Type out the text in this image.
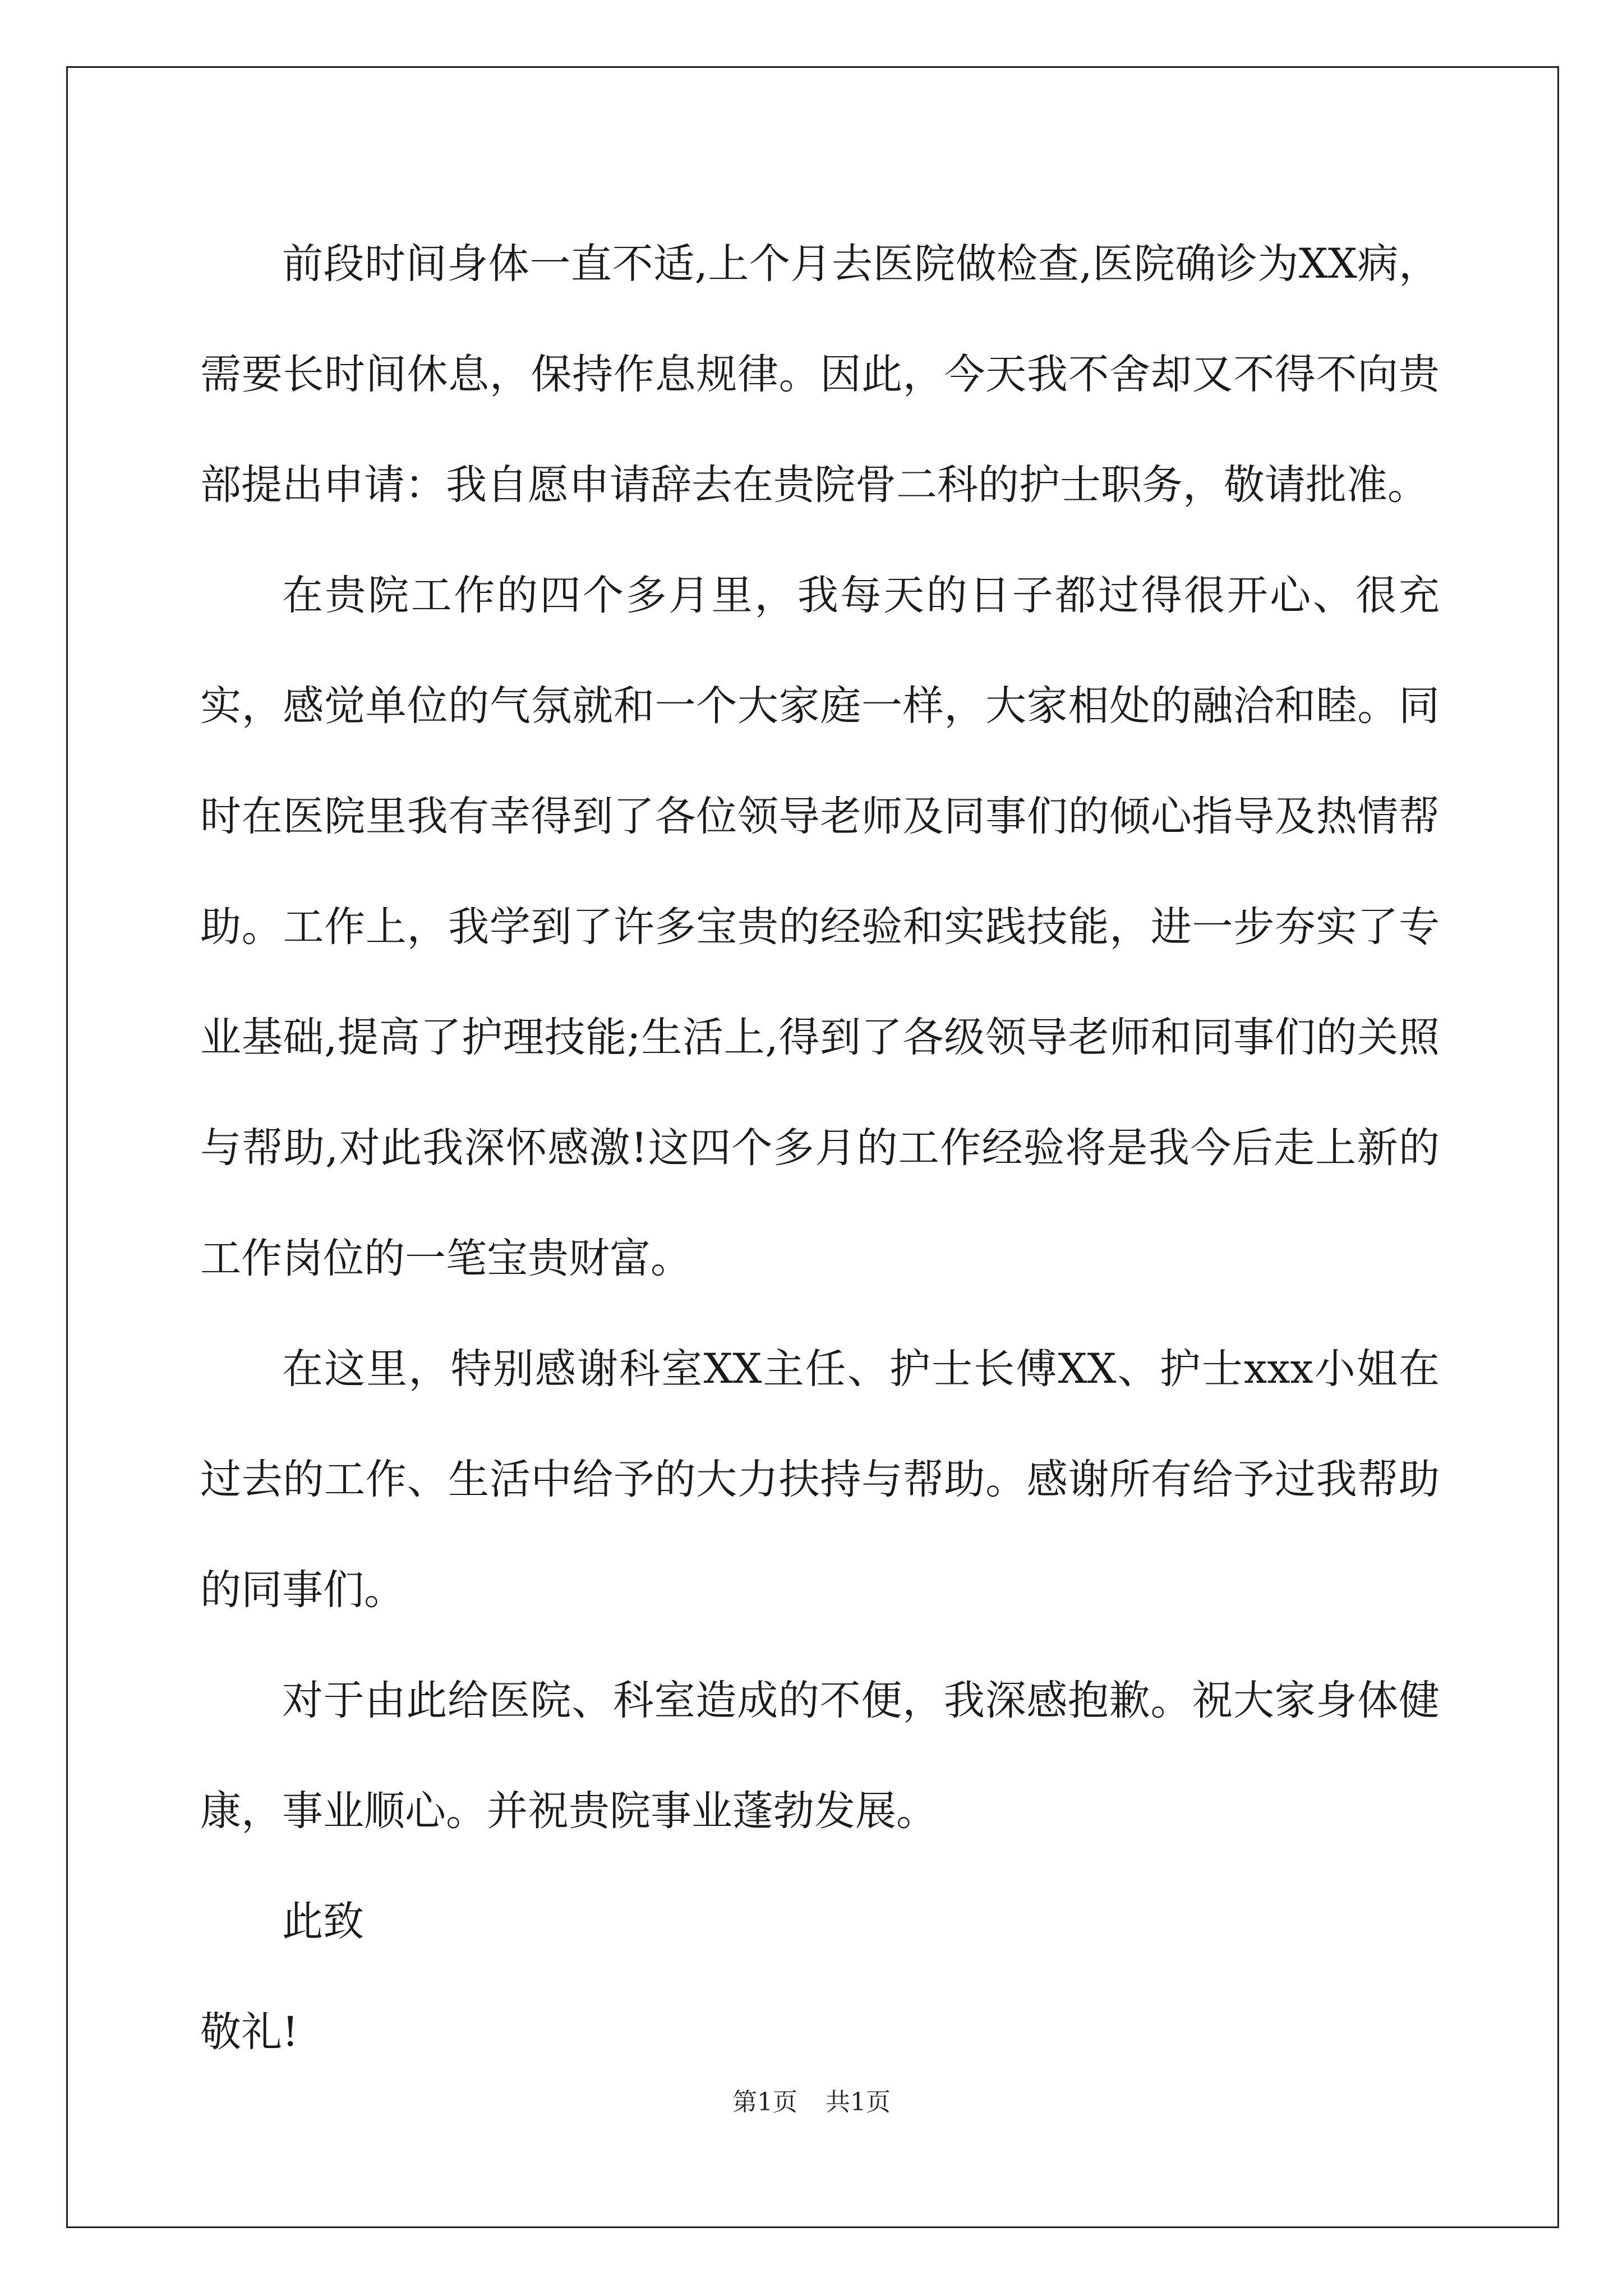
前段时间身体一直不适,上个月去医院做检查,医院确诊为XX病，需要长时间休息，保持作息规律。因此，今天我不舍却又不得不向贵部提出申请：我自愿申请辞去在贵院骨二科的护士职务，敬请批准。

在贵院工作的四个多月里，我每天的日子都过得很开心、很充实，感觉单位的气氛就和一个大家庭一样，大家相处的融洽和睦。同时在医院里我有幸得到了各位领导老师及同事们的倾心指导及热情帮助。工作上，我学到了许多宝贵的经验和实践技能，进一步夯实了专业基础,提高了护理技能;生活上,得到了各级领导老师和同事们的关照与帮助,对此我深怀感激!这四个多月的工作经验将是我今后走上新的工作岗位的一笔宝贵财富。

在这里，特别感谢科室XX主任、护士长傅XX、护士xxx小姐在过去的工作、生活中给予的大力扶持与帮助。感谢所有给予过我帮助的同事们。

对于由此给医院、科室造成的不便，我深感抱歉。祝大家身体健康，事业顺心。并祝贵院事业蓬勃发展。

此致

敬礼!

第1页 共1页
